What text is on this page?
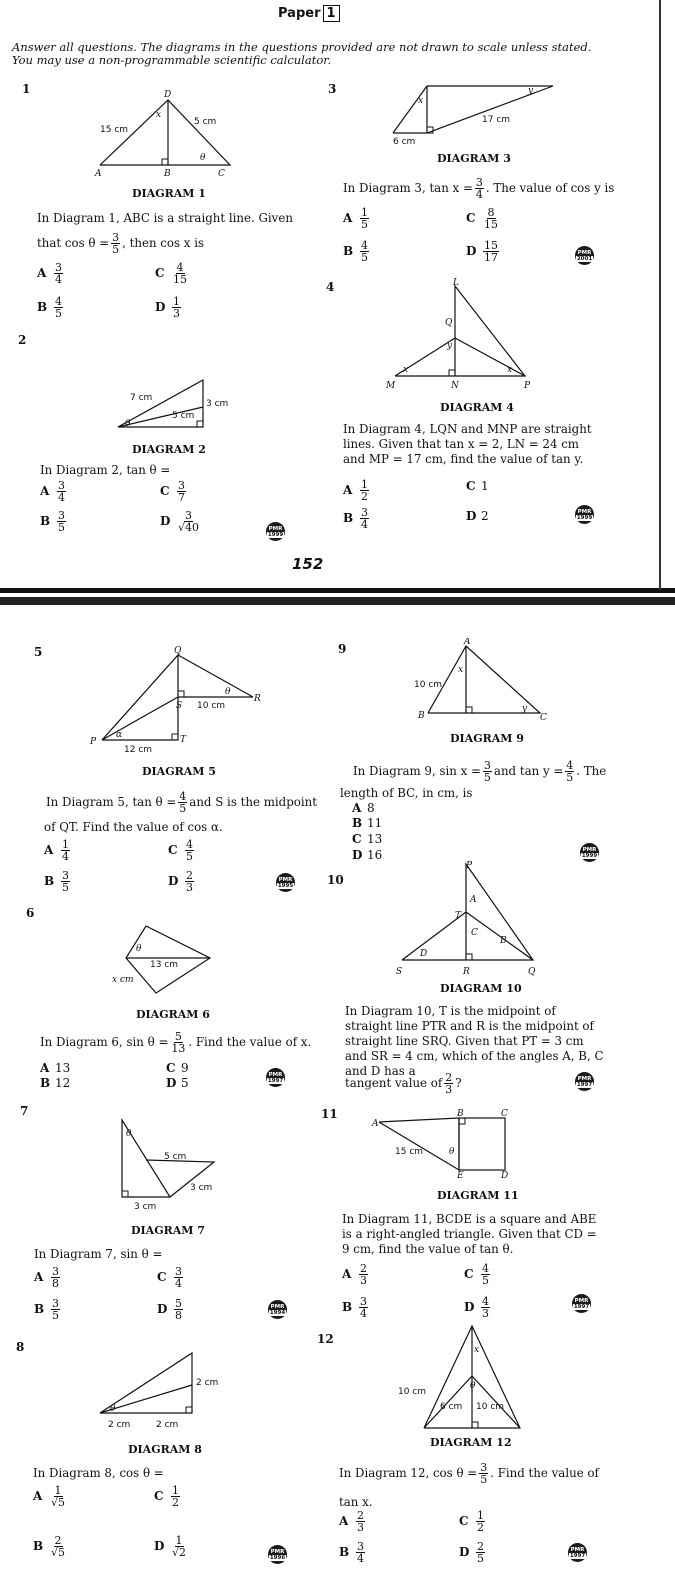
Paper 1
Answer all questions. The diagrams in the questions provided are not drawn to scale unless stated. You may use a non-programmable scientific calculator.
1	D
x
15 cm
5 cm
θ
A	B	C
DIAGRAM 1
In Diagram 1, ABC is a straight line. Given
that $\cos \theta = \frac{3}{5}$ , then cos x is
A $\frac{3}{4}$	C $\frac{4}{15}$
B $\frac{4}{5}$	D $\frac{1}{3}$
2
7 cm
3 cm
5 cm
θ
DIAGRAM 2
In Diagram 2, tan θ =
A $\frac{3}{4}$	C $\frac{3}{7}$
B $\frac{3}{5}$	D $\frac{3}{√40}$	PMR
1999
3
x
y
17 cm
6 cm
DIAGRAM 3
In Diagram 3, $\tan x = \frac{3}{4}$ . The value of cos y is
A $\frac{1}{5}$	C $\frac{8}{15}$
B $\frac{4}{5}$	D $\frac{15}{17}$	PMR
2001
4	L
Q
y
x	x
M	N	P
DIAGRAM 4
In Diagram 4, LQN and MNP are straight lines. Given that tan x = 2, LN = 24 cm and MP = 17 cm, find the value of tan y.
A $\frac{1}{2}$	C 1
B $\frac{3}{4}$	D 2	PMR
1999
152
5	Q
R
S
P	T
α
θ
10 cm
12 cm
DIAGRAM 5
In Diagram 5, $\tan \theta = \frac{4}{5}$ and S is the midpoint
of QT. Find the value of cos α.
A $\frac{1}{4}$	C $\frac{4}{5}$
B $\frac{3}{5}$	D $\frac{2}{3}$	PMR
1995
6
θ
13 cm
x cm
DIAGRAM 6
In Diagram 6, $\sin \theta = \frac{5}{13}$ . Find the value of x.
A 13	C 9
B 12	D 5
PMR
1997
7
θ
5 cm
3 cm
3 cm
DIAGRAM 7
In Diagram 7, sin θ =
A $\frac{3}{8}$	C $\frac{3}{4}$
B $\frac{3}{5}$	D $\frac{5}{8}$	PMR
1994
8
θ
2 cm
2 cm	2 cm
DIAGRAM 8
In Diagram 8, cos θ =
A $\frac{1}{√5}$	C $\frac{1}{2}$
B $\frac{2}{√5}$	D $\frac{1}{√2}$	PMR
1996
9	A
x
y
10 cm
B	C
DIAGRAM 9
In Diagram 9, $\sin x = \frac{3}{5}$ and $\tan y = \frac{4}{5}$ . The
length of BC, in cm, is
A 8
B 11
C 13
D 16	PMR
1999
10
P
A
T
C
B
D
S	R	Q
DIAGRAM 10
In Diagram 10, T is the midpoint of straight line PTR and R is the midpoint of straight line SRQ. Given that PT = 3 cm and SR = 4 cm, which of the angles A, B, C and D has a
tangent value of $\frac{2}{3}$ ?	PMR
1997
11
A
B	C
D
E
15 cm	θ
DIAGRAM 11
In Diagram 11, BCDE is a square and ABE is a right-angled triangle. Given that CD = 9 cm, find the value of tan θ.
A $\frac{2}{3}$	C $\frac{4}{5}$
B $\frac{3}{4}$	D $\frac{4}{3}$	PMR
1997
12
x
θ
10 cm
6 cm 10 cm
DIAGRAM 12
In Diagram 12, $\cos \theta = \frac{3}{5}$ . Find the value of
tan x.
A $\frac{2}{3}$	C $\frac{1}{2}$
B $\frac{3}{4}$	D $\frac{2}{5}$	PMR
1997
